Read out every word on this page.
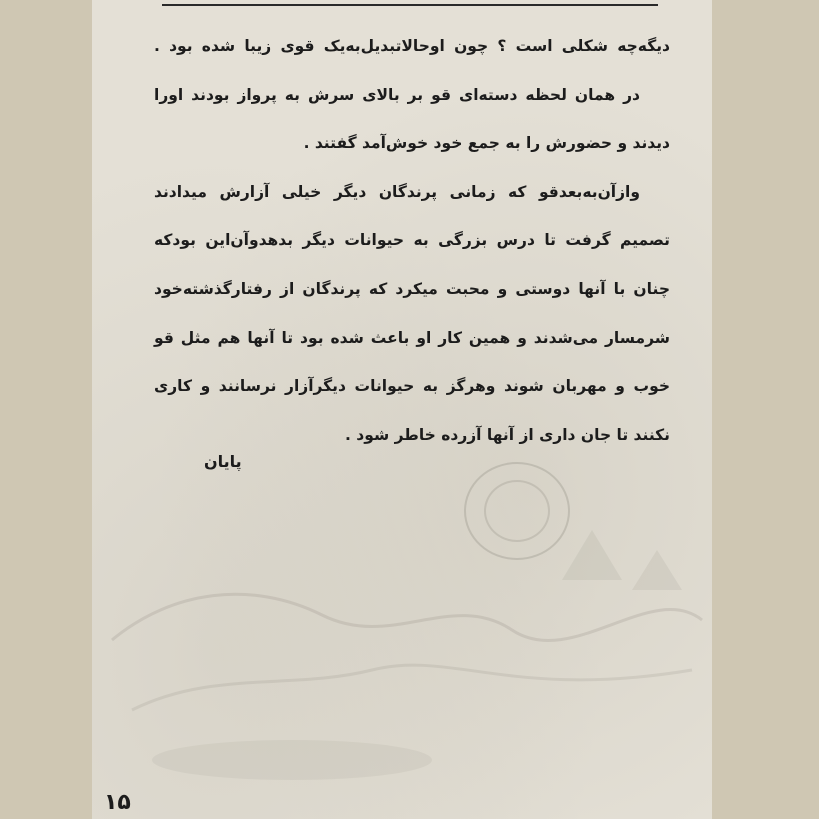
دیگه‌چه شکلی است ؟ چون اوحالاتبدیل‌به‌یک قوی زیبا شده بود .
در همان لحظه دسته‌ای قو بر بالای سرش به پرواز بودند اورا
دیدند و حضورش را به جمع خود خوش‌آمد گفتند .
واز‌آن‌به‌بعدقو که زمانی پرندگان دیگر خیلی آزارش میدادند
تصمیم گرفت تا درس بزرگی به حیوانات دیگر بدهدو‌آن‌این بودکه
چنان با آنها دوستی و محبت میکرد که پرندگان از رفتارگذشته‌خود
شرمسار می‌شدند و همین کار او باعث شده بود تا آنها هم مثل قو
خوب و مهربان شوند وهرگز به حیوانات دیگرآزار نرسانند و کاری
نکنند تا جان داری از آنها آزرده خاطر شود .
پایان
۱۵
